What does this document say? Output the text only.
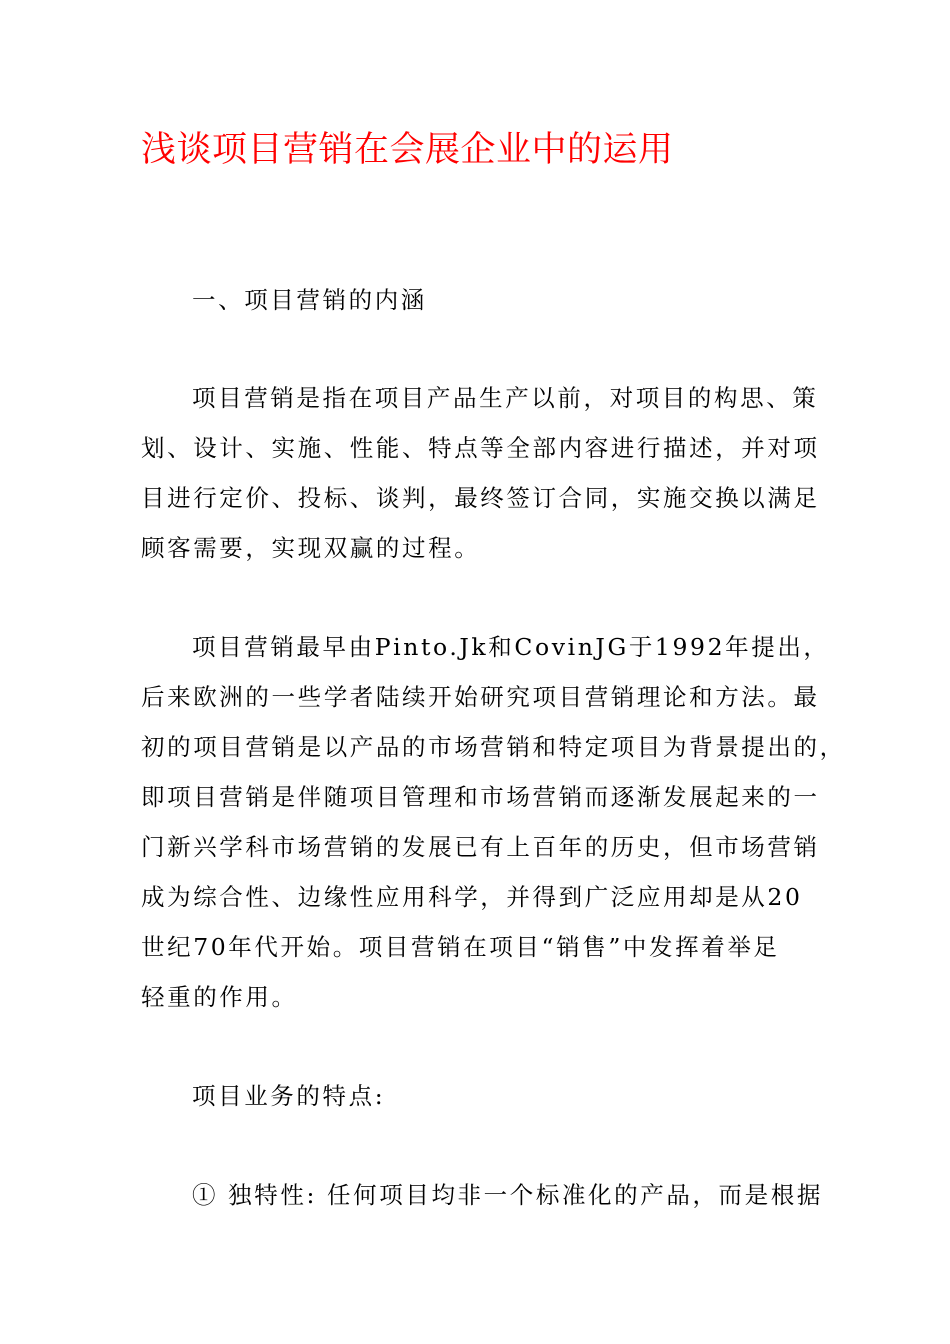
浅谈项目营销在会展企业中的运用

一、项目营销的内涵

项目营销是指在项目产品生产以前，对项目的构思、策
划、设计、实施、性能、特点等全部内容进行描述，并对项
目进行定价、投标、谈判，最终签订合同，实施交换以满足
顾客需要，实现双赢的过程。
项目营销最早由Pinto.Jk和CovinJG于1992年提出，
后来欧洲的一些学者陆续开始研究项目营销理论和方法。最
初的项目营销是以产品的市场营销和特定项目为背景提出的，
即项目营销是伴随项目管理和市场营销而逐渐发展起来的一
门新兴学科市场营销的发展已有上百年的历史，但市场营销
成为综合性、边缘性应用科学，并得到广泛应用却是从20
世纪70年代开始。项目营销在项目“销售”中发挥着举足
轻重的作用。

项目业务的特点:

① 独特性: 任何项目均非一个标准化的产品，而是根据
